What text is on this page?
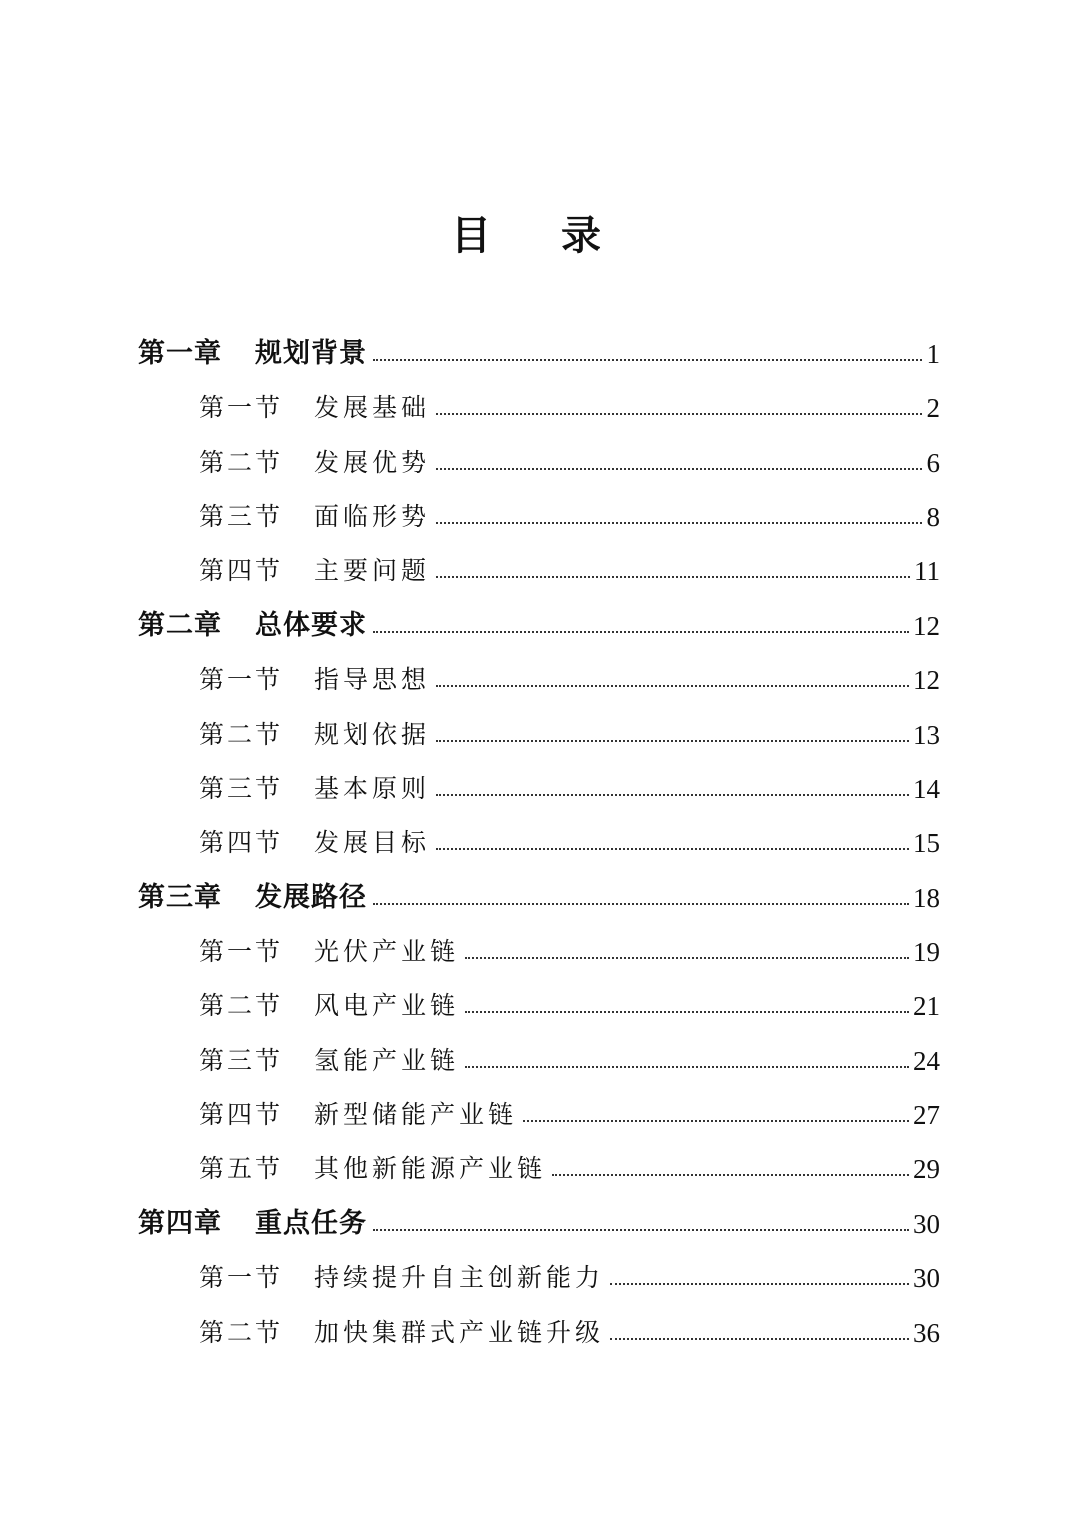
目 录
第一章	规划背景	1
第一节	发展基础	2
第二节	发展优势	6
第三节	面临形势	8
第四节	主要问题	11
第二章	总体要求	12
第一节	指导思想	12
第二节	规划依据	13
第三节	基本原则	14
第四节	发展目标	15
第三章	发展路径	18
第一节	光伏产业链	19
第二节	风电产业链	21
第三节	氢能产业链	24
第四节	新型储能产业链	27
第五节	其他新能源产业链	29
第四章	重点任务	30
第一节	持续提升自主创新能力	30
第二节	加快集群式产业链升级	36
